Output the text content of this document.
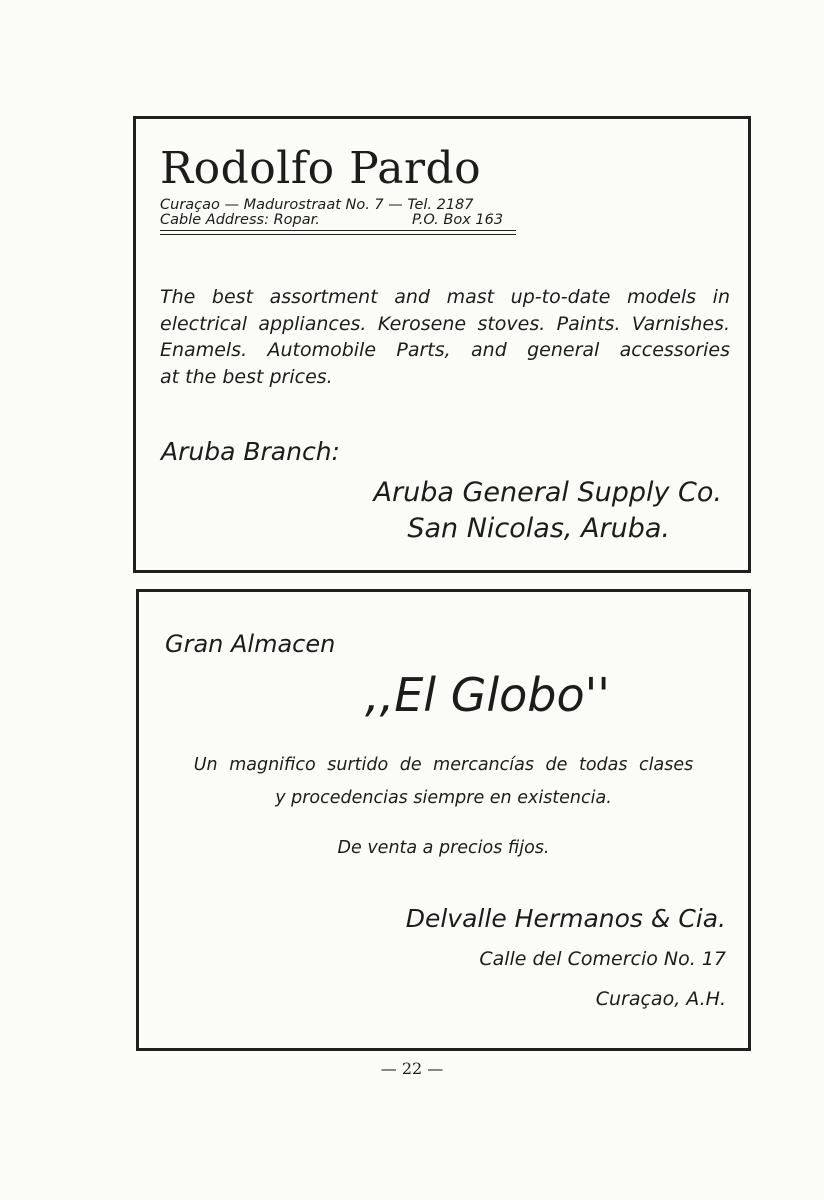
Rodolfo Pardo
Curaçao — Madurostraat No. 7 — Tel. 2187
Cable Address: Ropar.	P.O. Box 163
The best assortment and mast up-to-date models in
electrical appliances. Kerosene stoves. Paints. Varnishes.
Enamels. Automobile Parts, and general accessories
at the best prices.
Aruba Branch:
Aruba General Supply Co.
San Nicolas, Aruba.
Gran Almacen
,,El Globo''
Un magnifico surtido de mercancías de todas clases
y procedencias siempre en existencia.
De venta a precios fijos.
Delvalle Hermanos & Cia.
Calle del Comercio No. 17
Curaçao, A.H.
— 22 —
